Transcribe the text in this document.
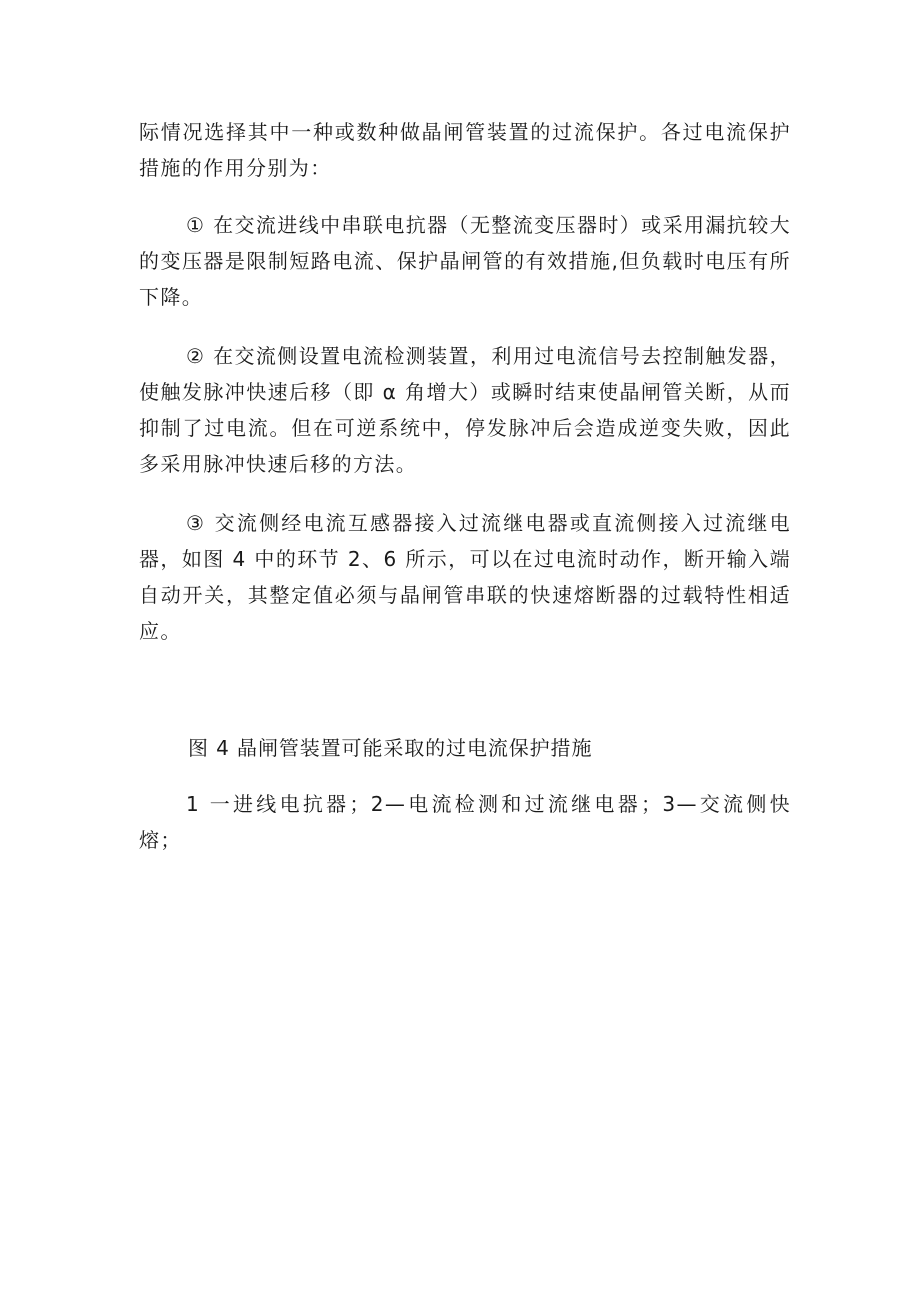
际情况选择其中一种或数种做晶闸管装置的过流保护。各过电流保护措施的作用分别为：

① 在交流进线中串联电抗器（无整流变压器时）或采用漏抗较大的变压器是限制短路电流、保护晶闸管的有效措施,但负载时电压有所下降。

② 在交流侧设置电流检测装置，利用过电流信号去控制触发器，使触发脉冲快速后移（即 α 角增大）或瞬时结束使晶闸管关断，从而抑制了过电流。但在可逆系统中，停发脉冲后会造成逆变失败，因此多采用脉冲快速后移的方法。

③ 交流侧经电流互感器接入过流继电器或直流侧接入过流继电器，如图 4 中的环节 2、6 所示，可以在过电流时动作，断开输入端自动开关，其整定值必须与晶闸管串联的快速熔断器的过载特性相适应。

图 4 晶闸管装置可能采取的过电流保护措施

1 一进线电抗器；2—电流检测和过流继电器；3—交流侧快熔；
